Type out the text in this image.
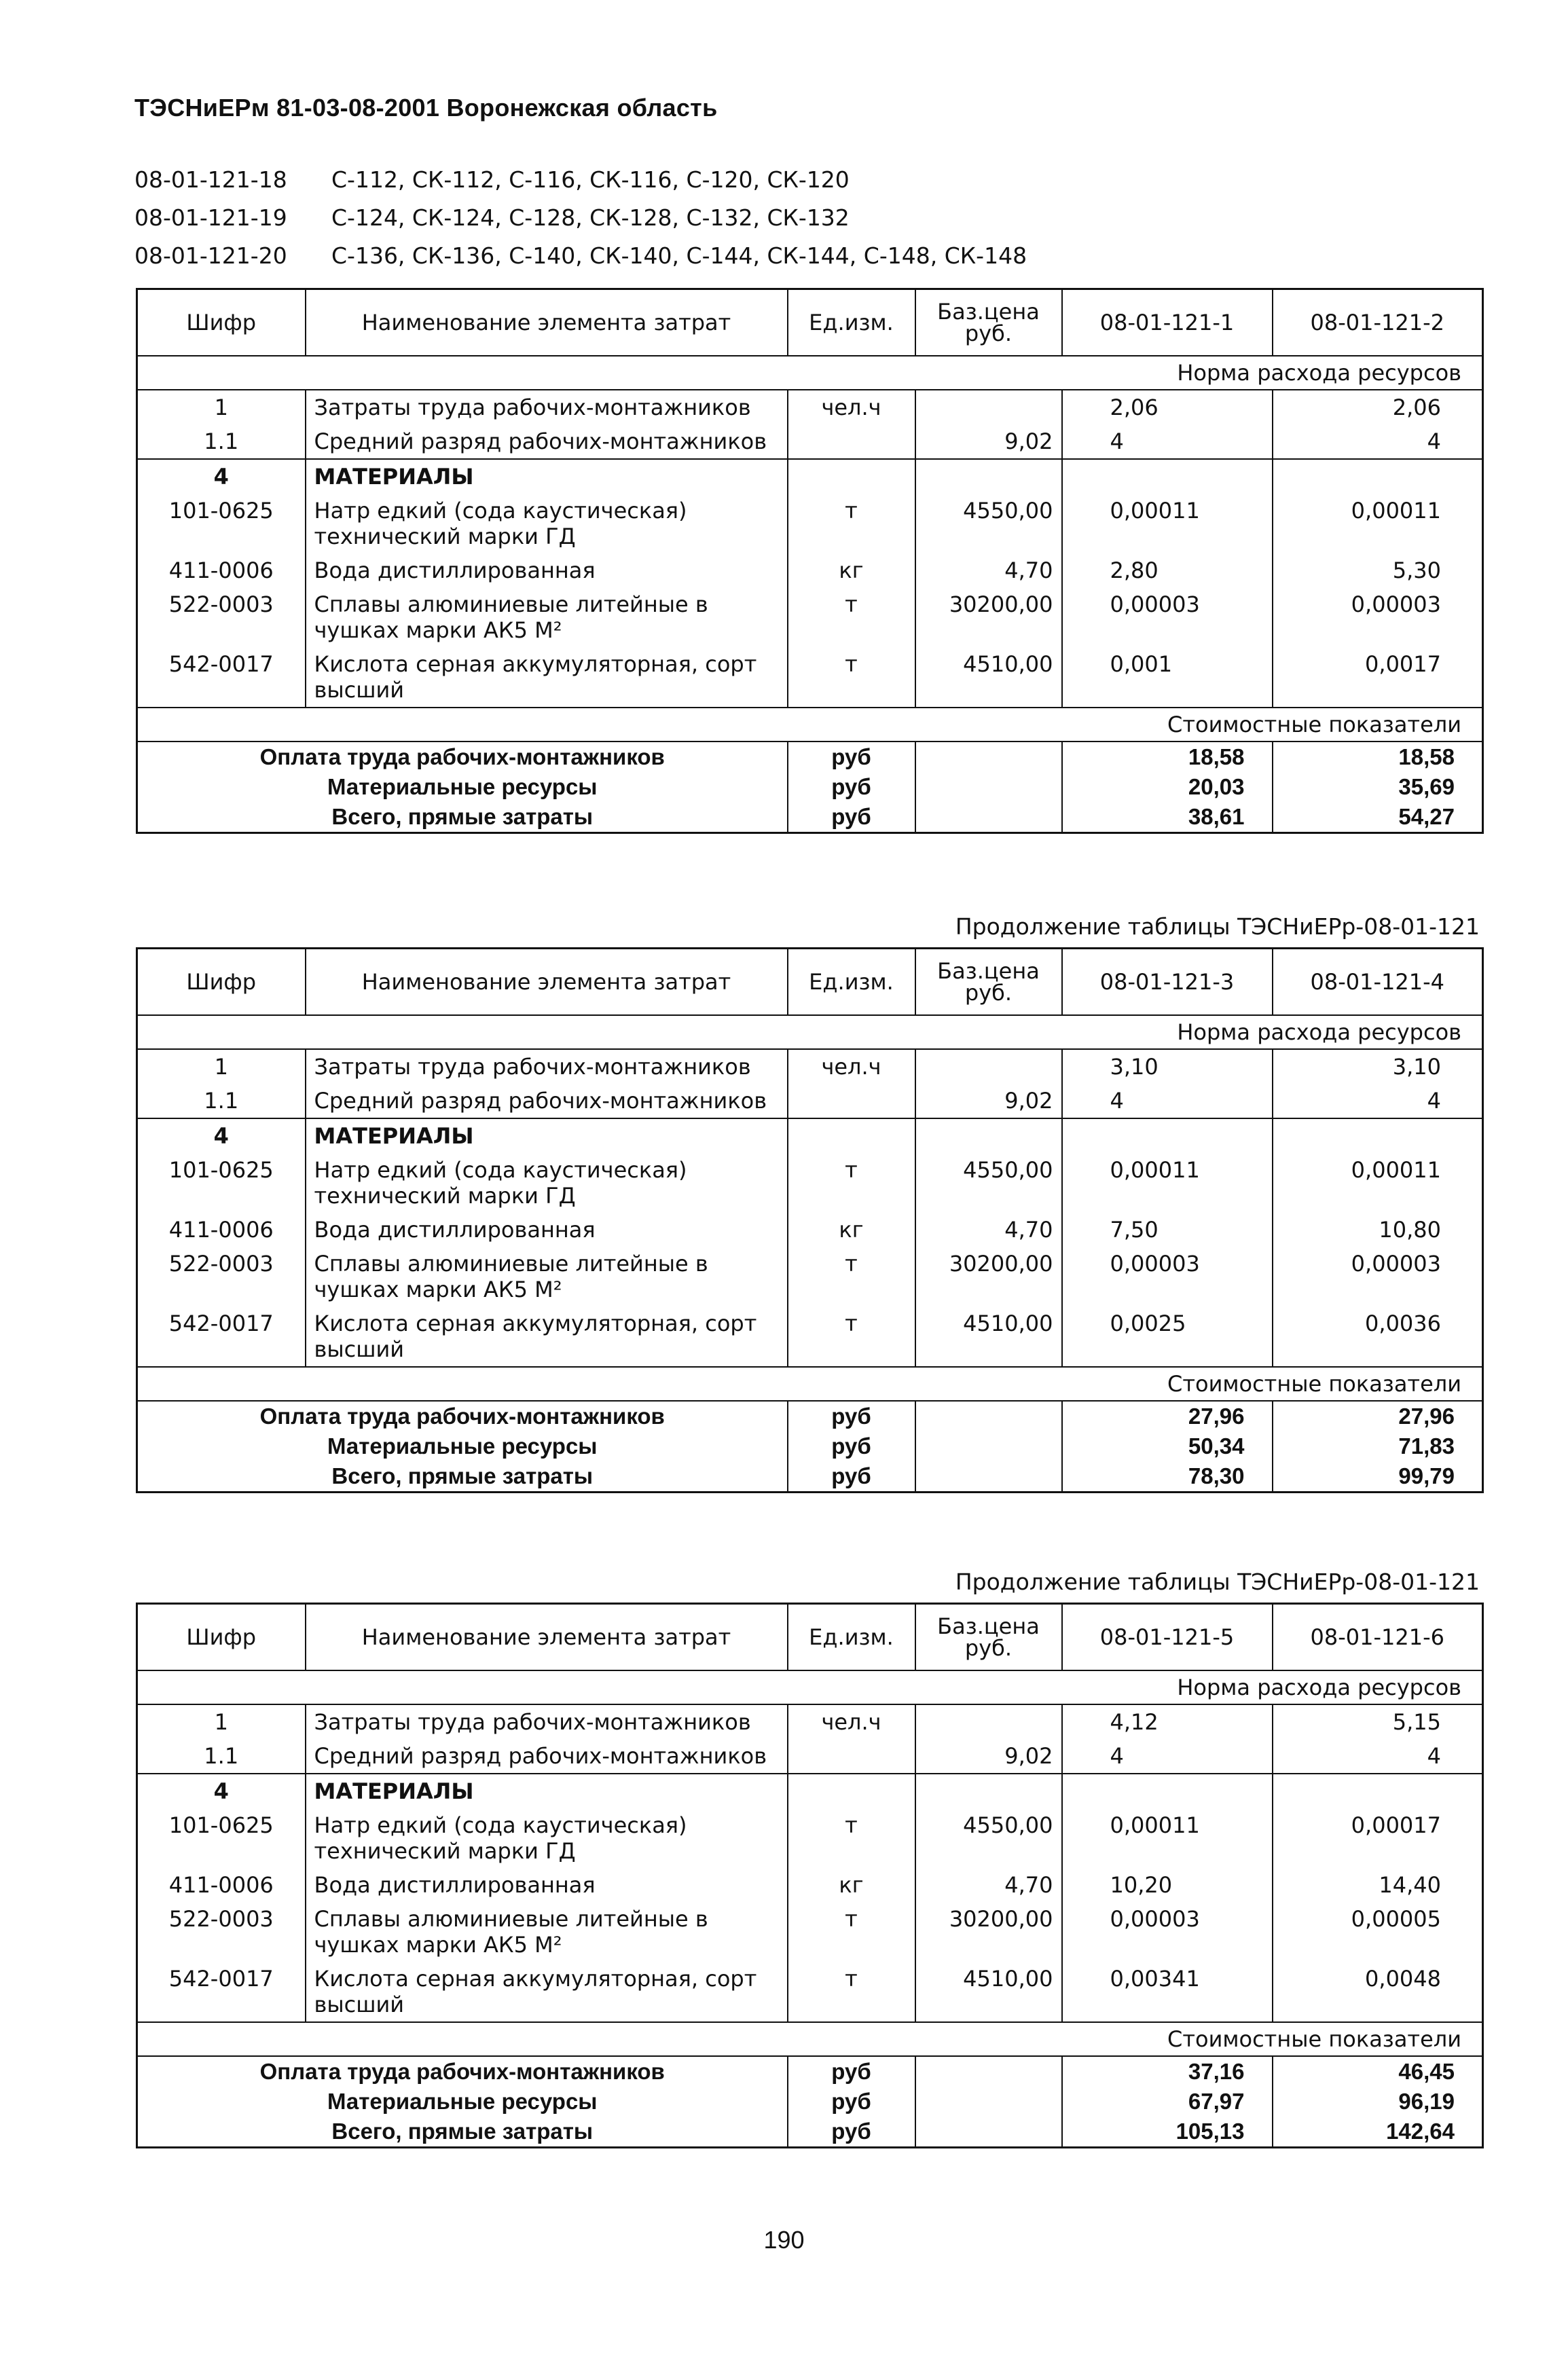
ТЭСНиЕРм 81-03-08-2001 Воронежская область
08-01-121-18	С-112, СК-112, С-116, СК-116, С-120, СК-120
08-01-121-19	С-124, СК-124, С-128, СК-128, С-132, СК-132
08-01-121-20	С-136, СК-136, С-140, СК-140, С-144, СК-144, С-148, СК-148
Шифр	Наименование элемента затрат	Ед.изм.	Баз.цена руб.	08-01-121-1	08-01-121-2
Норма расхода ресурсов					
1	Затраты труда рабочих-монтажников	чел.ч		2,06	2,06
1.1	Средний разряд рабочих-монтажников		9,02	4	4
4	МАТЕРИАЛЫ				
101-0625	Натр едкий (сода каустическая) технический марки ГД	т	4550,00	0,00011	0,00011
411-0006	Вода дистиллированная	кг	4,70	2,80	5,30
522-0003	Сплавы алюминиевые литейные в чушках марки АК5 М²	т	30200,00	0,00003	0,00003
542-0017	Кислота серная аккумуляторная, сорт высший	т	4510,00	0,001	0,0017
Стоимостные показатели					
Оплата труда рабочих-монтажников		руб		18,58	18,58
Материальные ресурсы		руб		20,03	35,69
Всего, прямые затраты		руб		38,61	54,27
Продолжение таблицы ТЭСНиЕРр-08-01-121
Шифр	Наименование элемента затрат	Ед.изм.	Баз.цена руб.	08-01-121-3	08-01-121-4
Норма расхода ресурсов					
1	Затраты труда рабочих-монтажников	чел.ч		3,10	3,10
1.1	Средний разряд рабочих-монтажников		9,02	4	4
4	МАТЕРИАЛЫ				
101-0625	Натр едкий (сода каустическая) технический марки ГД	т	4550,00	0,00011	0,00011
411-0006	Вода дистиллированная	кг	4,70	7,50	10,80
522-0003	Сплавы алюминиевые литейные в чушках марки АК5 М²	т	30200,00	0,00003	0,00003
542-0017	Кислота серная аккумуляторная, сорт высший	т	4510,00	0,0025	0,0036
Стоимостные показатели					
Оплата труда рабочих-монтажников		руб		27,96	27,96
Материальные ресурсы		руб		50,34	71,83
Всего, прямые затраты		руб		78,30	99,79
Продолжение таблицы ТЭСНиЕРр-08-01-121
Шифр	Наименование элемента затрат	Ед.изм.	Баз.цена руб.	08-01-121-5	08-01-121-6
Норма расхода ресурсов					
1	Затраты труда рабочих-монтажников	чел.ч		4,12	5,15
1.1	Средний разряд рабочих-монтажников		9,02	4	4
4	МАТЕРИАЛЫ				
101-0625	Натр едкий (сода каустическая) технический марки ГД	т	4550,00	0,00011	0,00017
411-0006	Вода дистиллированная	кг	4,70	10,20	14,40
522-0003	Сплавы алюминиевые литейные в чушках марки АК5 М²	т	30200,00	0,00003	0,00005
542-0017	Кислота серная аккумуляторная, сорт высший	т	4510,00	0,00341	0,0048
Стоимостные показатели					
Оплата труда рабочих-монтажников		руб		37,16	46,45
Материальные ресурсы		руб		67,97	96,19
Всего, прямые затраты		руб		105,13	142,64
190
